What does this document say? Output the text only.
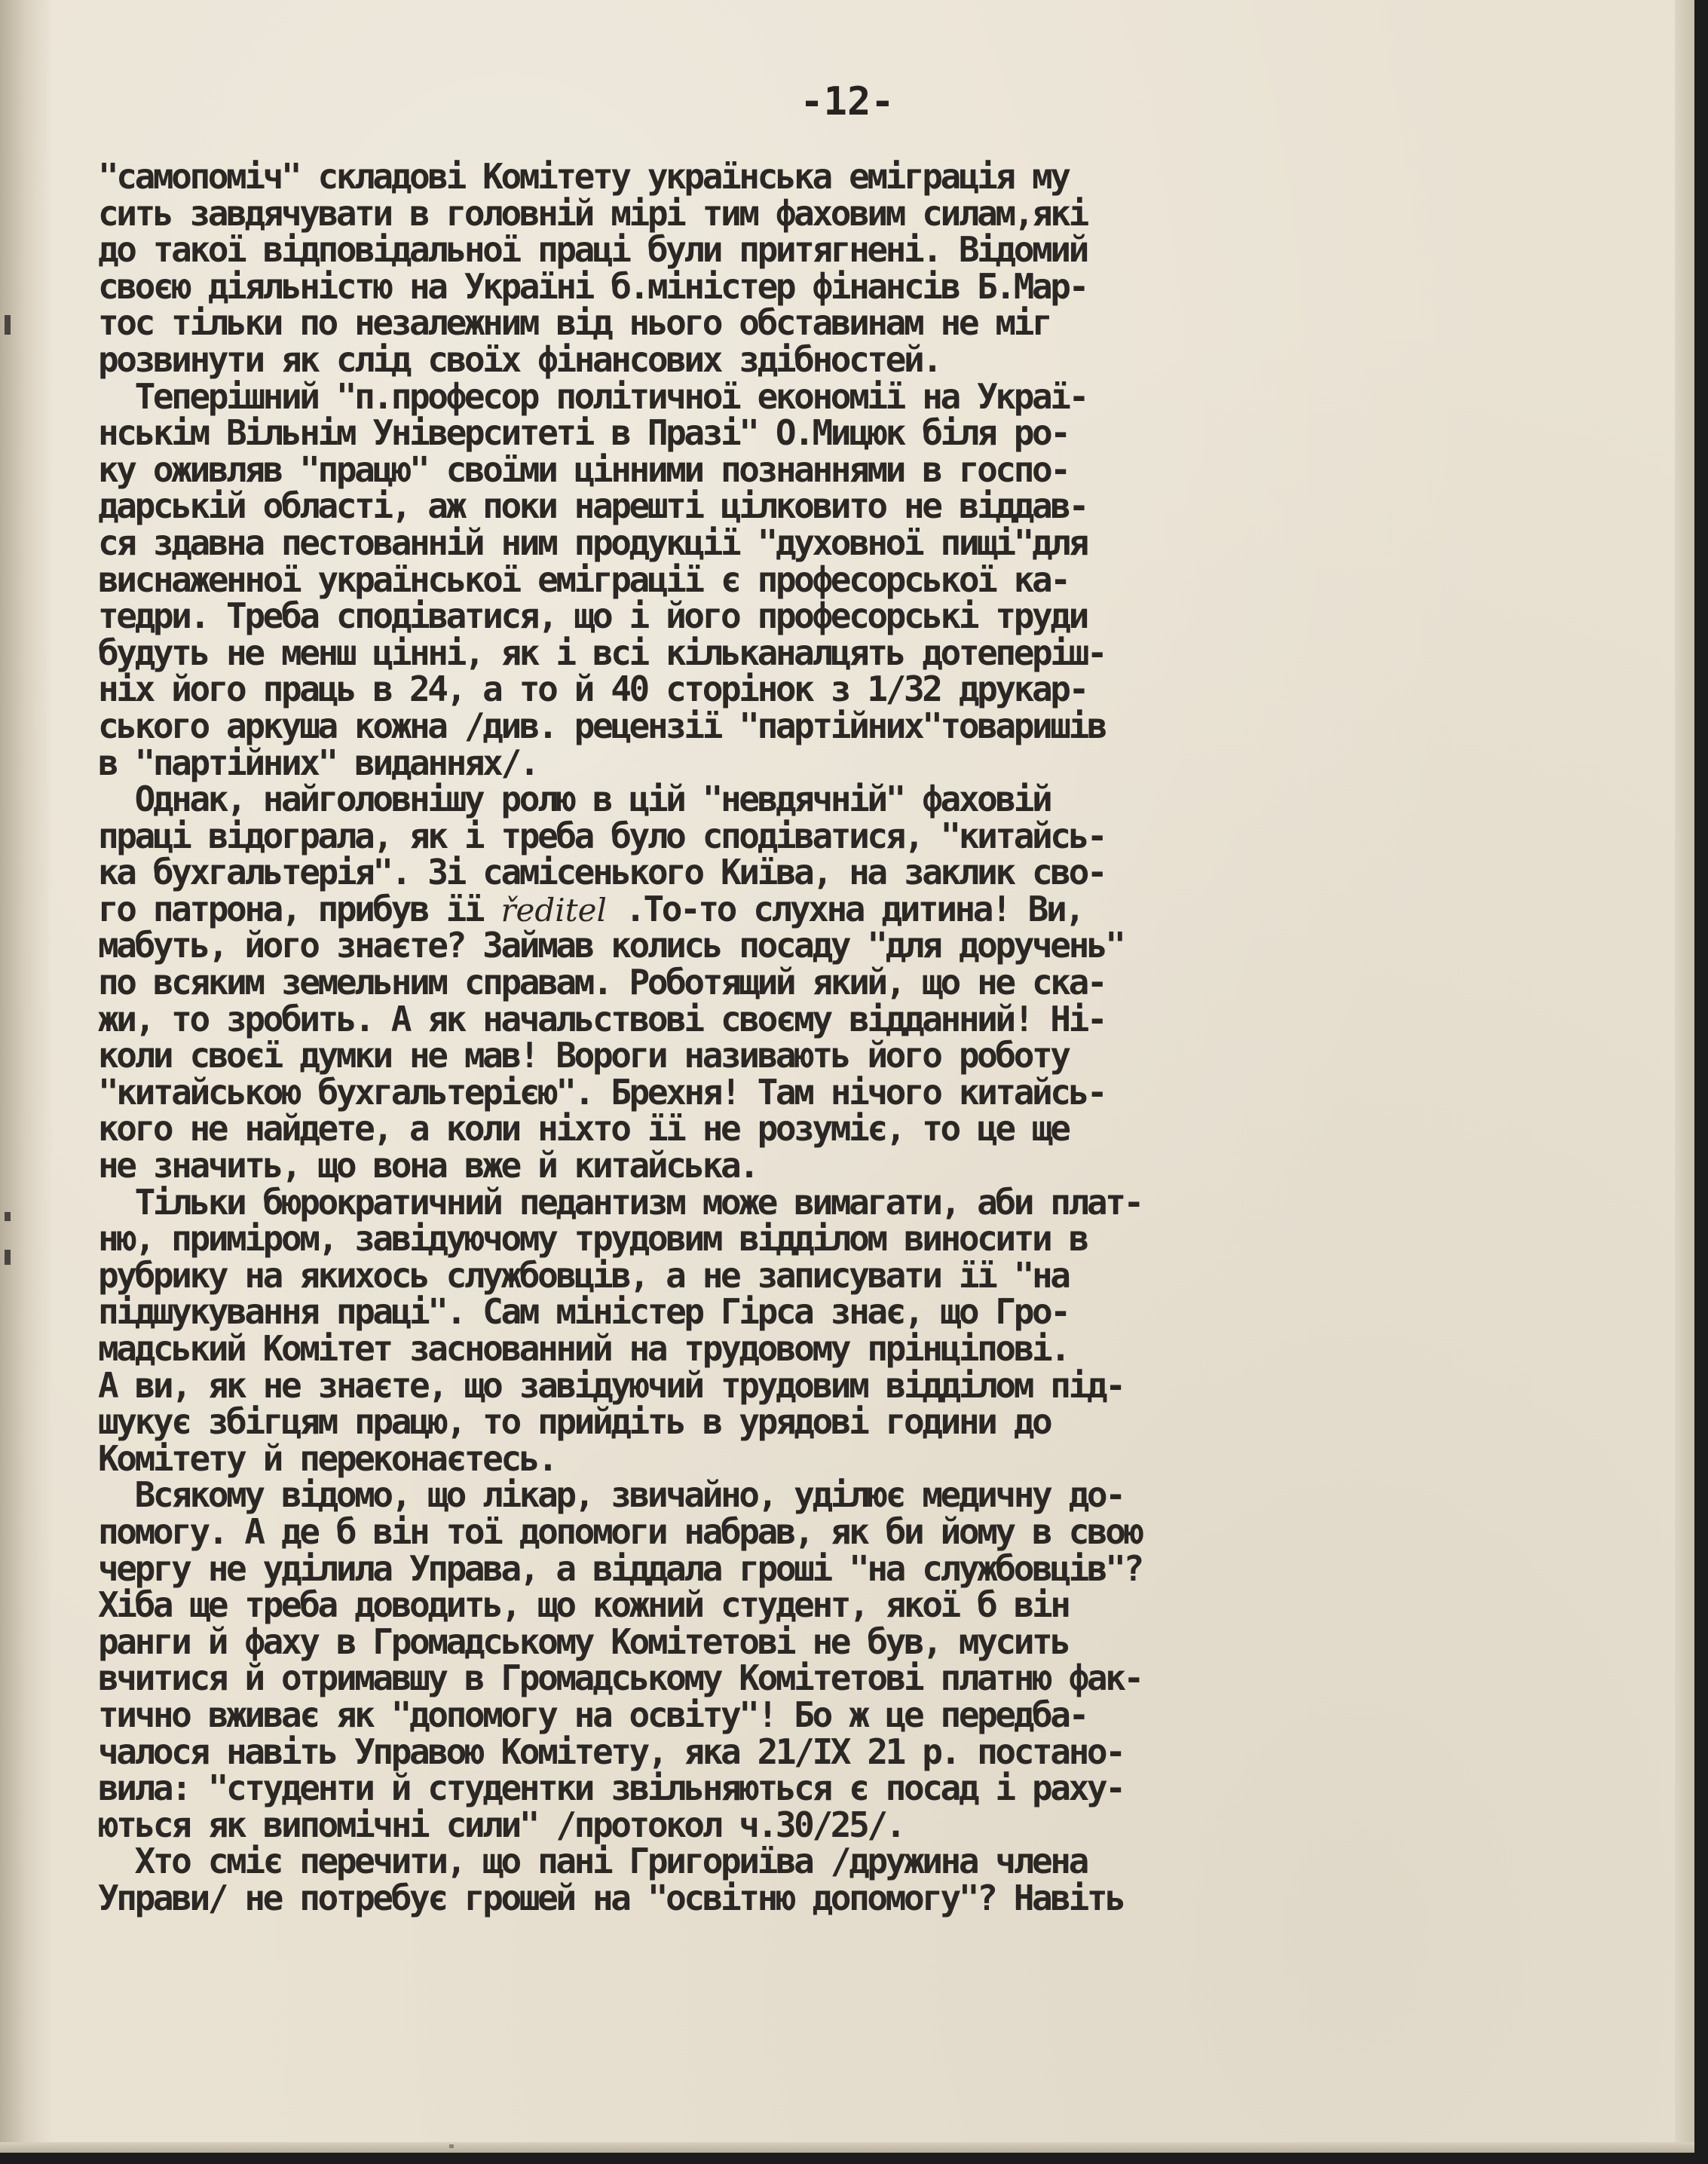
-12-
"самопоміч" складові Комітету українська еміграція му
сить завдячувати в головній мірі тим фаховим силам,які
до такої відповідальної праці були притягнені. Відомий
своєю діяльністю на Україні б.міністер фінансів Б.Мар-
тос тільки по незалежним від нього обставинам не міг
розвинути як слід своїх фінансових здібностей.
Теперішний "п.професор політичної економії на Украї-
нськім Вільнім Університеті в Празі" О.Мицюк біля ро-
ку оживляв "працю" своїми цінними познаннями в госпо-
дарській області, аж поки нарешті цілковито не віддав-
ся здавна пестованній ним продукції "духовної пищі"для
виснаженної української еміграції є професорської ка-
тедри. Треба сподіватися, що і його професорські труди
будуть не менш цінні, як і всі кільканалцять дотеперіш-
ніх його праць в 24, а то й 40 сторінок з 1/32 друкар-
ського аркуша кожна /див. рецензії "партійних"товаришів
в "партійних" виданнях/.
Однак, найголовнішу ролю в цій "невдячній" фаховій
праці відограла, як і треба було сподіватися, "китайсь-
ка бухгальтерія". Зі самісенького Київа, на заклик сво-
го патрона, прибув її ředitel .То-то слухнa дитина! Ви,
мабуть, його знаєте? Займав колись посаду "для доручень"
по всяким земельним справам. Роботящий який, що не ска-
жи, то зробить. А як начальствові своєму відданний! Ні-
коли своєї думки не мав! Вороги називають його роботу
"китайською бухгальтерією". Брехня! Там нічого китайсь-
кого не найдете, а коли ніхто її не розуміє, то це ще
не значить, що вона вже й китайська.
Тільки бюрократичний педантизм може вимагати, аби плат-
ню, приміром, завідуючому трудовим відділом виносити в
рубрику на якихось службовців, а не записувати її "на
підшукування праці". Сам міністер Гірса знає, що Гро-
мадський Комітет заснованний на трудовому прінціпові.
А ви, як не знаєте, що завідуючий трудовим відділом під-
шукує збігцям працю, то прийдіть в урядові години до
Комітету й переконаєтесь.
Всякому відомо, що лікар, звичайно, уділює медичну до-
помогу. А де б він тої допомоги набрав, як би йому в свою
чергу не уділила Управа, а віддала гроші "на службовців"?
Хіба ще треба доводить, що кожний студент, якої б він
ранги й фаху в Громадському Комітетові не був, мусить
вчитися й отримавшу в Громадському Комітетові платню фак-
тично вживає як "допомогу на освіту"! Бо ж це передба-
чалося навіть Управою Комітету, яка 21/IX 21 р. постано-
вила: "студенти й студентки звільняються є посад і раху-
ються як випомічні сили" /протокол ч.30/25/.
Хто сміє перечити, що пані Григориїва /дружина члена
Управи/ не потребує грошей на "освітню допомогу"? Навіть
